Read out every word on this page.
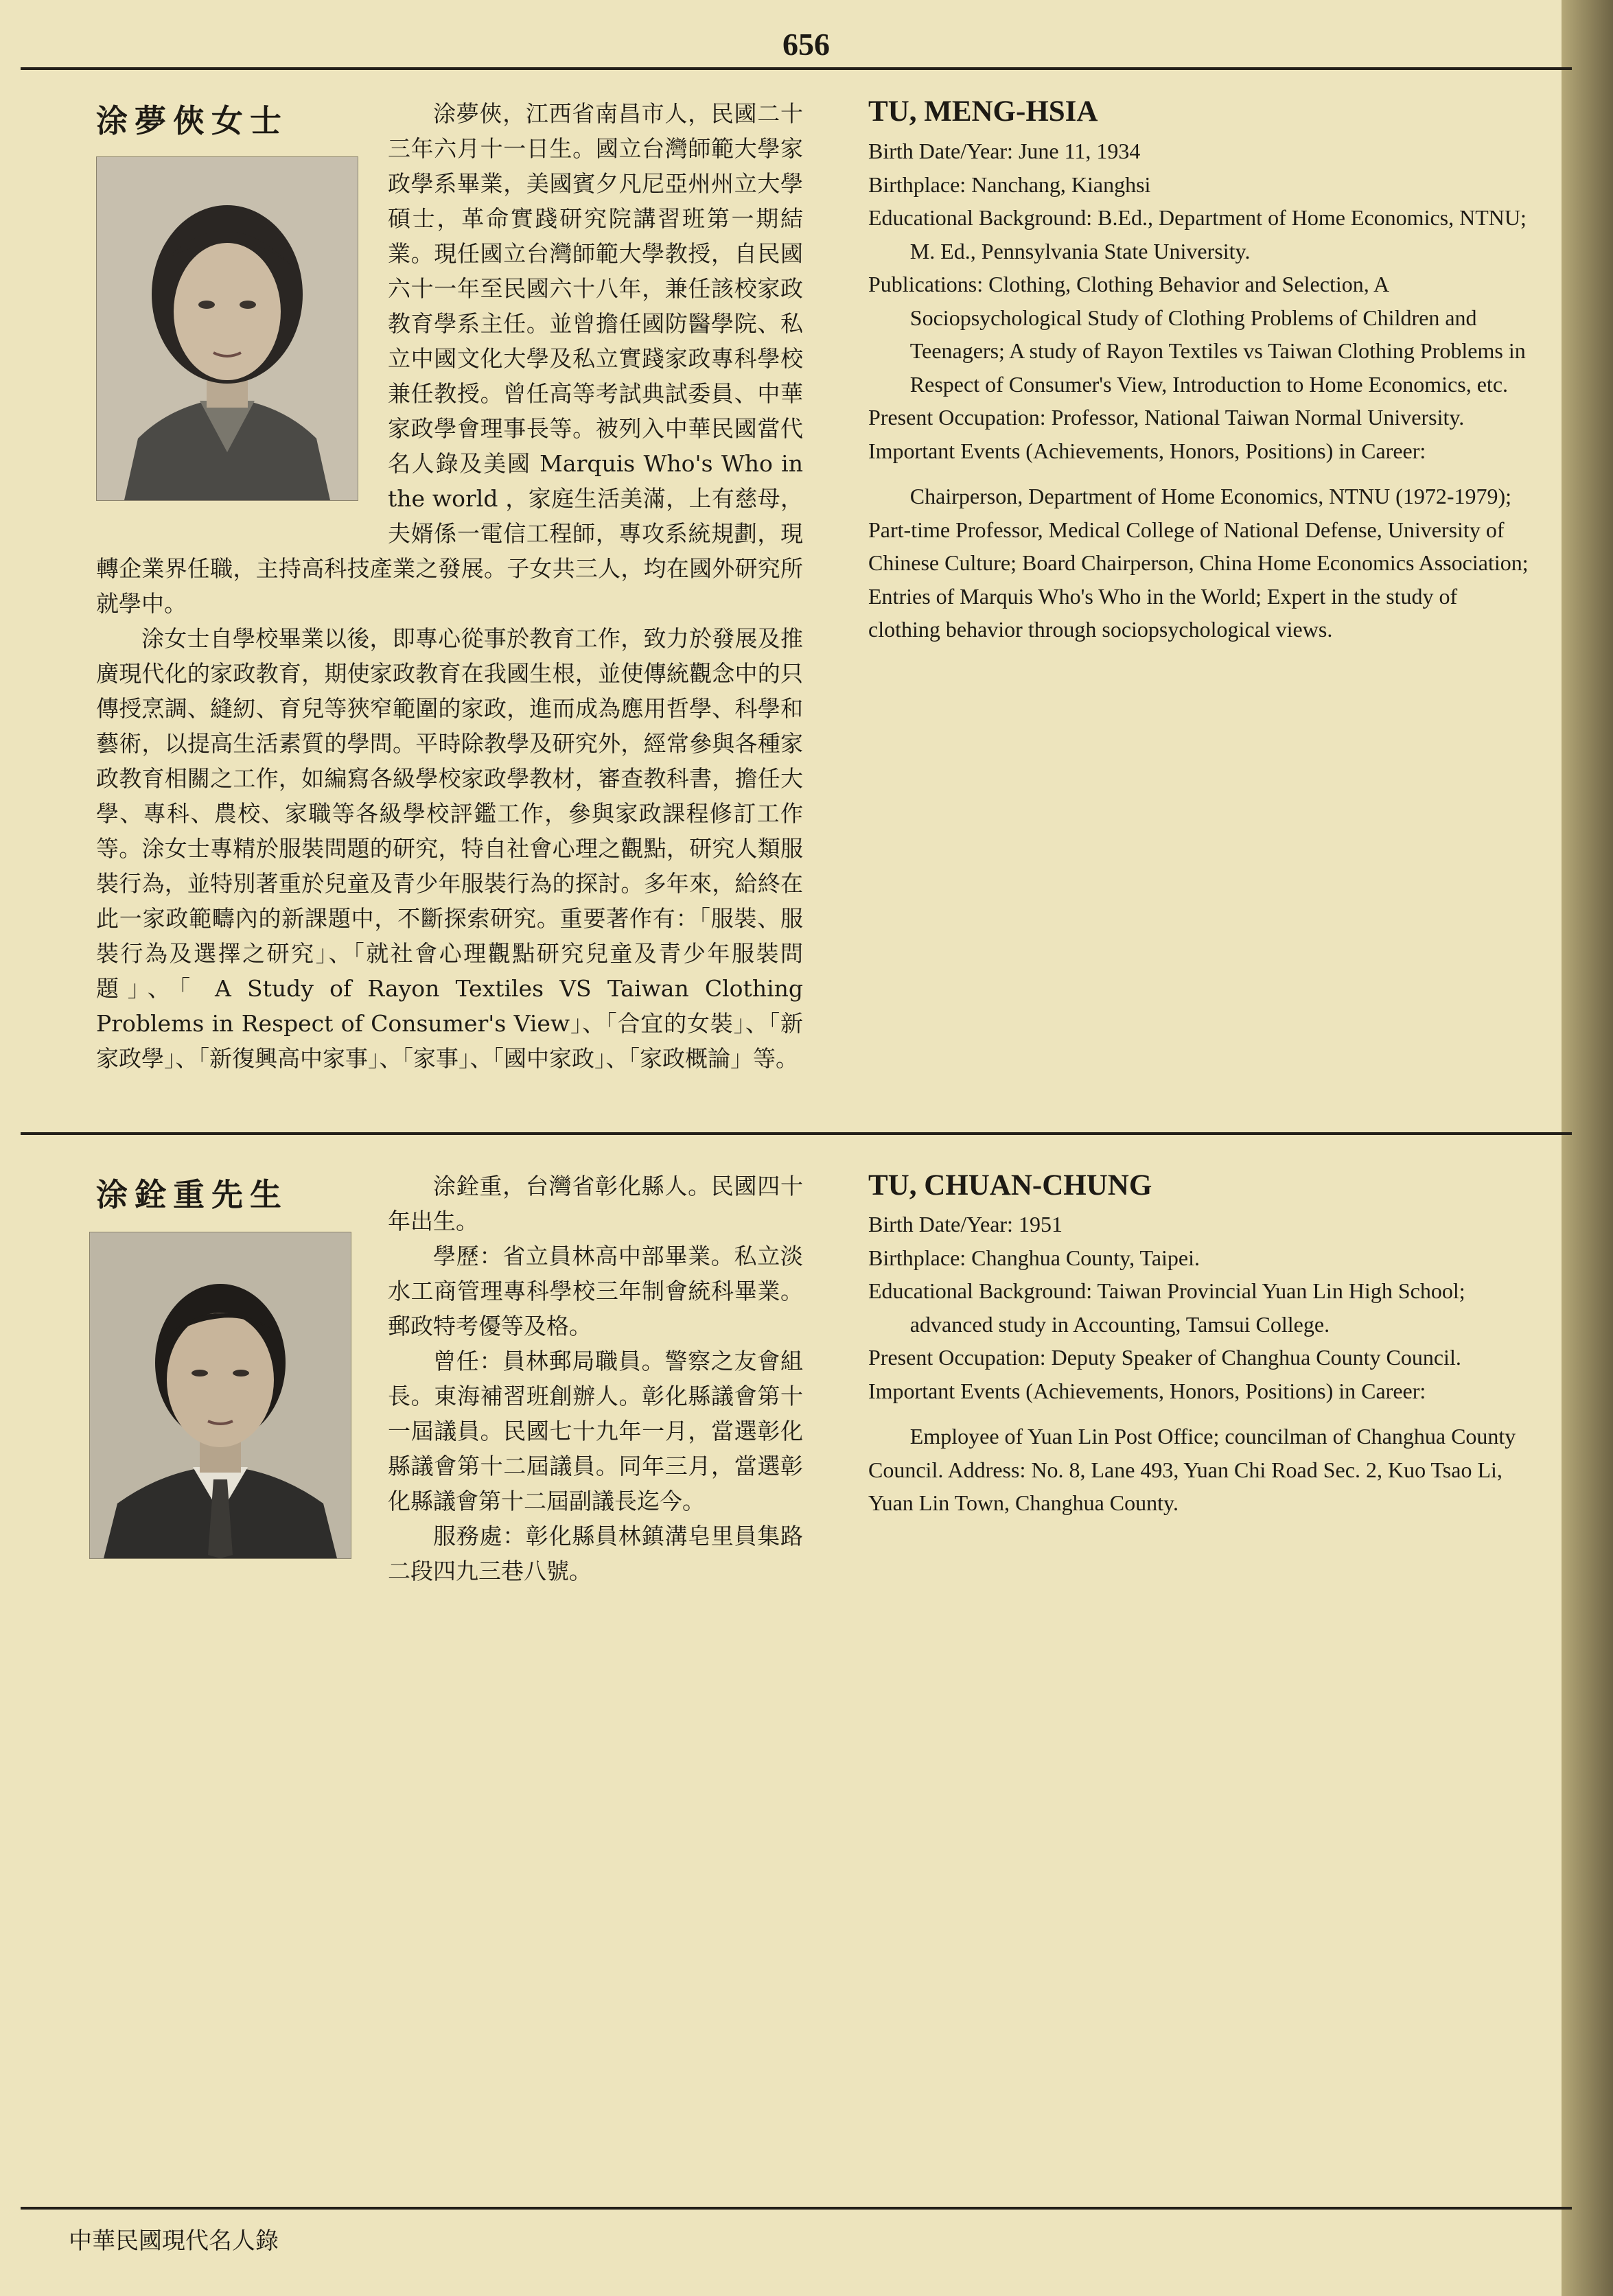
656
涂夢俠女士	涂夢俠，江西省南昌市人，民國二十三年六月十一日生。國立台灣師範大學家政學系畢業，美國賓夕凡尼亞州州立大學碩士，革命實踐研究院講習班第一期結業。現任國立台灣師範大學教授，自民國六十一年至民國六十八年，兼任該校家政教育學系主任。並曾擔任國防醫學院、私立中國文化大學及私立實踐家政專科學校兼任教授。曾任高等考試典試委員、中華家政學會理事長等。被列入中華民國當代名人錄及美國 Marquis Who's Who in the world ，家庭生活美滿，上有慈母，夫婿係一電信工程師，專攻系統規劃，現轉企業界任職，主持高科技產業之發展。子女共三人，均在國外研究所就學中。

涂女士自學校畢業以後，即專心從事於教育工作，致力於發展及推廣現代化的家政教育，期使家政教育在我國生根，並使傳統觀念中的只傳授烹調、縫紉、育兒等狹窄範圍的家政，進而成為應用哲學、科學和藝術，以提高生活素質的學問。平時除教學及研究外，經常參與各種家政教育相關之工作，如編寫各級學校家政學教材，審查教科書，擔任大學、專科、農校、家職等各級學校評鑑工作，參與家政課程修訂工作等。涂女士專精於服裝問題的研究，特自社會心理之觀點，研究人類服裝行為，並特別著重於兒童及青少年服裝行為的探討。多年來，給終在此一家政範疇內的新課題中，不斷探索研究。重要著作有：「服裝、服裝行為及選擇之研究」、「就社會心理觀點研究兒童及青少年服裝問題」、「 A Study of Rayon Textiles VS Taiwan Clothing Problems in Respect of Consumer's View」、「合宜的女裝」、「新家政學」、「新復興高中家事」、「家事」、「國中家政」、「家政概論」等。

TU, MENG-HSIA

Birth Date/Year: June 11, 1934

Birthplace: Nanchang, Kianghsi

Educational Background: B.Ed., Department of Home Economics, NTNU; M. Ed., Pennsylvania State University.

Publications: Clothing, Clothing Behavior and Selection, A Sociopsychological Study of Clothing Problems of Children and Teenagers; A study of Rayon Textiles vs Taiwan Clothing Problems in Respect of Consumer's View, Introduction to Home Economics, etc.

Present Occupation: Professor, National Taiwan Normal University.

Important Events (Achievements, Honors, Positions) in Career:

Chairperson, Department of Home Economics, NTNU (1972-1979); Part-time Professor, Medical College of National Defense, University of Chinese Culture; Board Chairperson, China Home Economics Association; Entries of Marquis Who's Who in the World; Expert in the study of clothing behavior through sociopsychological views.

涂銓重先生	涂銓重，台灣省彰化縣人。民國四十年出生。

學歷：省立員林高中部畢業。私立淡水工商管理專科學校三年制會統科畢業。郵政特考優等及格。

曾任：員林郵局職員。警察之友會組長。東海補習班創辦人。彰化縣議會第十一屆議員。民國七十九年一月，當選彰化縣議會第十二屆議員。同年三月，當選彰化縣議會第十二屆副議長迄今。

服務處：彰化縣員林鎮溝皂里員集路二段四九三巷八號。

TU, CHUAN-CHUNG

Birth Date/Year: 1951

Birthplace: Changhua County, Taipei.

Educational Background: Taiwan Provincial Yuan Lin High School; advanced study in Accounting, Tamsui College.

Present Occupation: Deputy Speaker of Changhua County Council.

Important Events (Achievements, Honors, Positions) in Career:

Employee of Yuan Lin Post Office; councilman of Changhua County Council. Address: No. 8, Lane 493, Yuan Chi Road Sec. 2, Kuo Tsao Li, Yuan Lin Town, Changhua County.

中華民國現代名人錄
